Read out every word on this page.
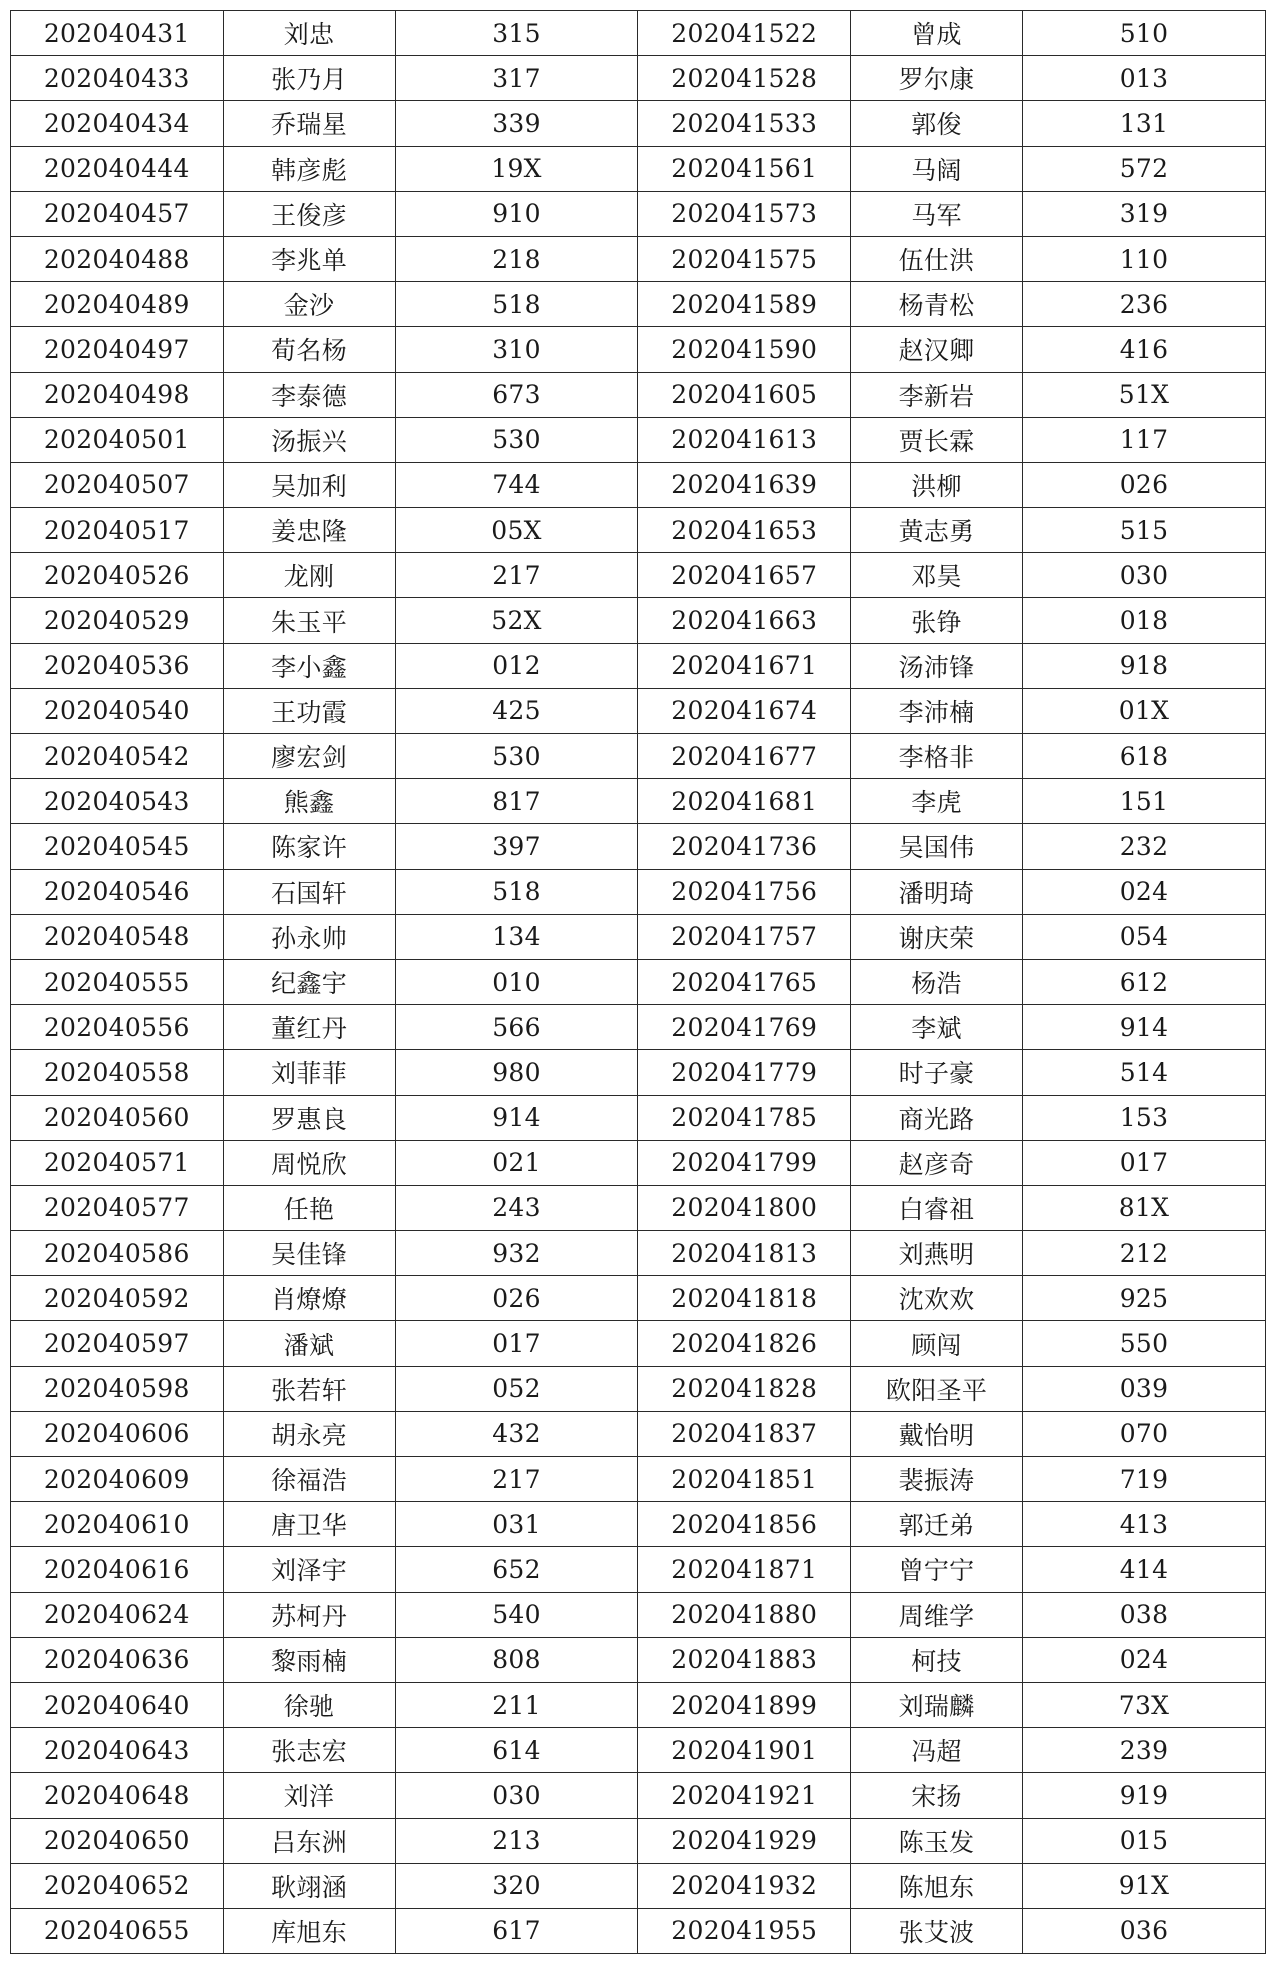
202040431	刘忠	315	202041522	曾成	510
202040433	张乃月	317	202041528	罗尔康	013
202040434	乔瑞星	339	202041533	郭俊	131
202040444	韩彦彪	19X	202041561	马阔	572
202040457	王俊彦	910	202041573	马军	319
202040488	李兆单	218	202041575	伍仕洪	110
202040489	金沙	518	202041589	杨青松	236
202040497	荀名杨	310	202041590	赵汉卿	416
202040498	李泰德	673	202041605	李新岩	51X
202040501	汤振兴	530	202041613	贾长霖	117
202040507	吴加利	744	202041639	洪柳	026
202040517	姜忠隆	05X	202041653	黄志勇	515
202040526	龙刚	217	202041657	邓昊	030
202040529	朱玉平	52X	202041663	张铮	018
202040536	李小鑫	012	202041671	汤沛锋	918
202040540	王功霞	425	202041674	李沛楠	01X
202040542	廖宏剑	530	202041677	李格非	618
202040543	熊鑫	817	202041681	李虎	151
202040545	陈家许	397	202041736	吴国伟	232
202040546	石国轩	518	202041756	潘明琦	024
202040548	孙永帅	134	202041757	谢庆荣	054
202040555	纪鑫宇	010	202041765	杨浩	612
202040556	董红丹	566	202041769	李斌	914
202040558	刘菲菲	980	202041779	时子豪	514
202040560	罗惠良	914	202041785	商光路	153
202040571	周悦欣	021	202041799	赵彦奇	017
202040577	任艳	243	202041800	白睿祖	81X
202040586	吴佳锋	932	202041813	刘燕明	212
202040592	肖燎燎	026	202041818	沈欢欢	925
202040597	潘斌	017	202041826	顾闯	550
202040598	张若轩	052	202041828	欧阳圣平	039
202040606	胡永亮	432	202041837	戴怡明	070
202040609	徐福浩	217	202041851	裴振涛	719
202040610	唐卫华	031	202041856	郭迁弟	413
202040616	刘泽宇	652	202041871	曾宁宁	414
202040624	苏柯丹	540	202041880	周维学	038
202040636	黎雨楠	808	202041883	柯技	024
202040640	徐驰	211	202041899	刘瑞麟	73X
202040643	张志宏	614	202041901	冯超	239
202040648	刘洋	030	202041921	宋扬	919
202040650	吕东洲	213	202041929	陈玉发	015
202040652	耿翊涵	320	202041932	陈旭东	91X
202040655	库旭东	617	202041955	张艾波	036
